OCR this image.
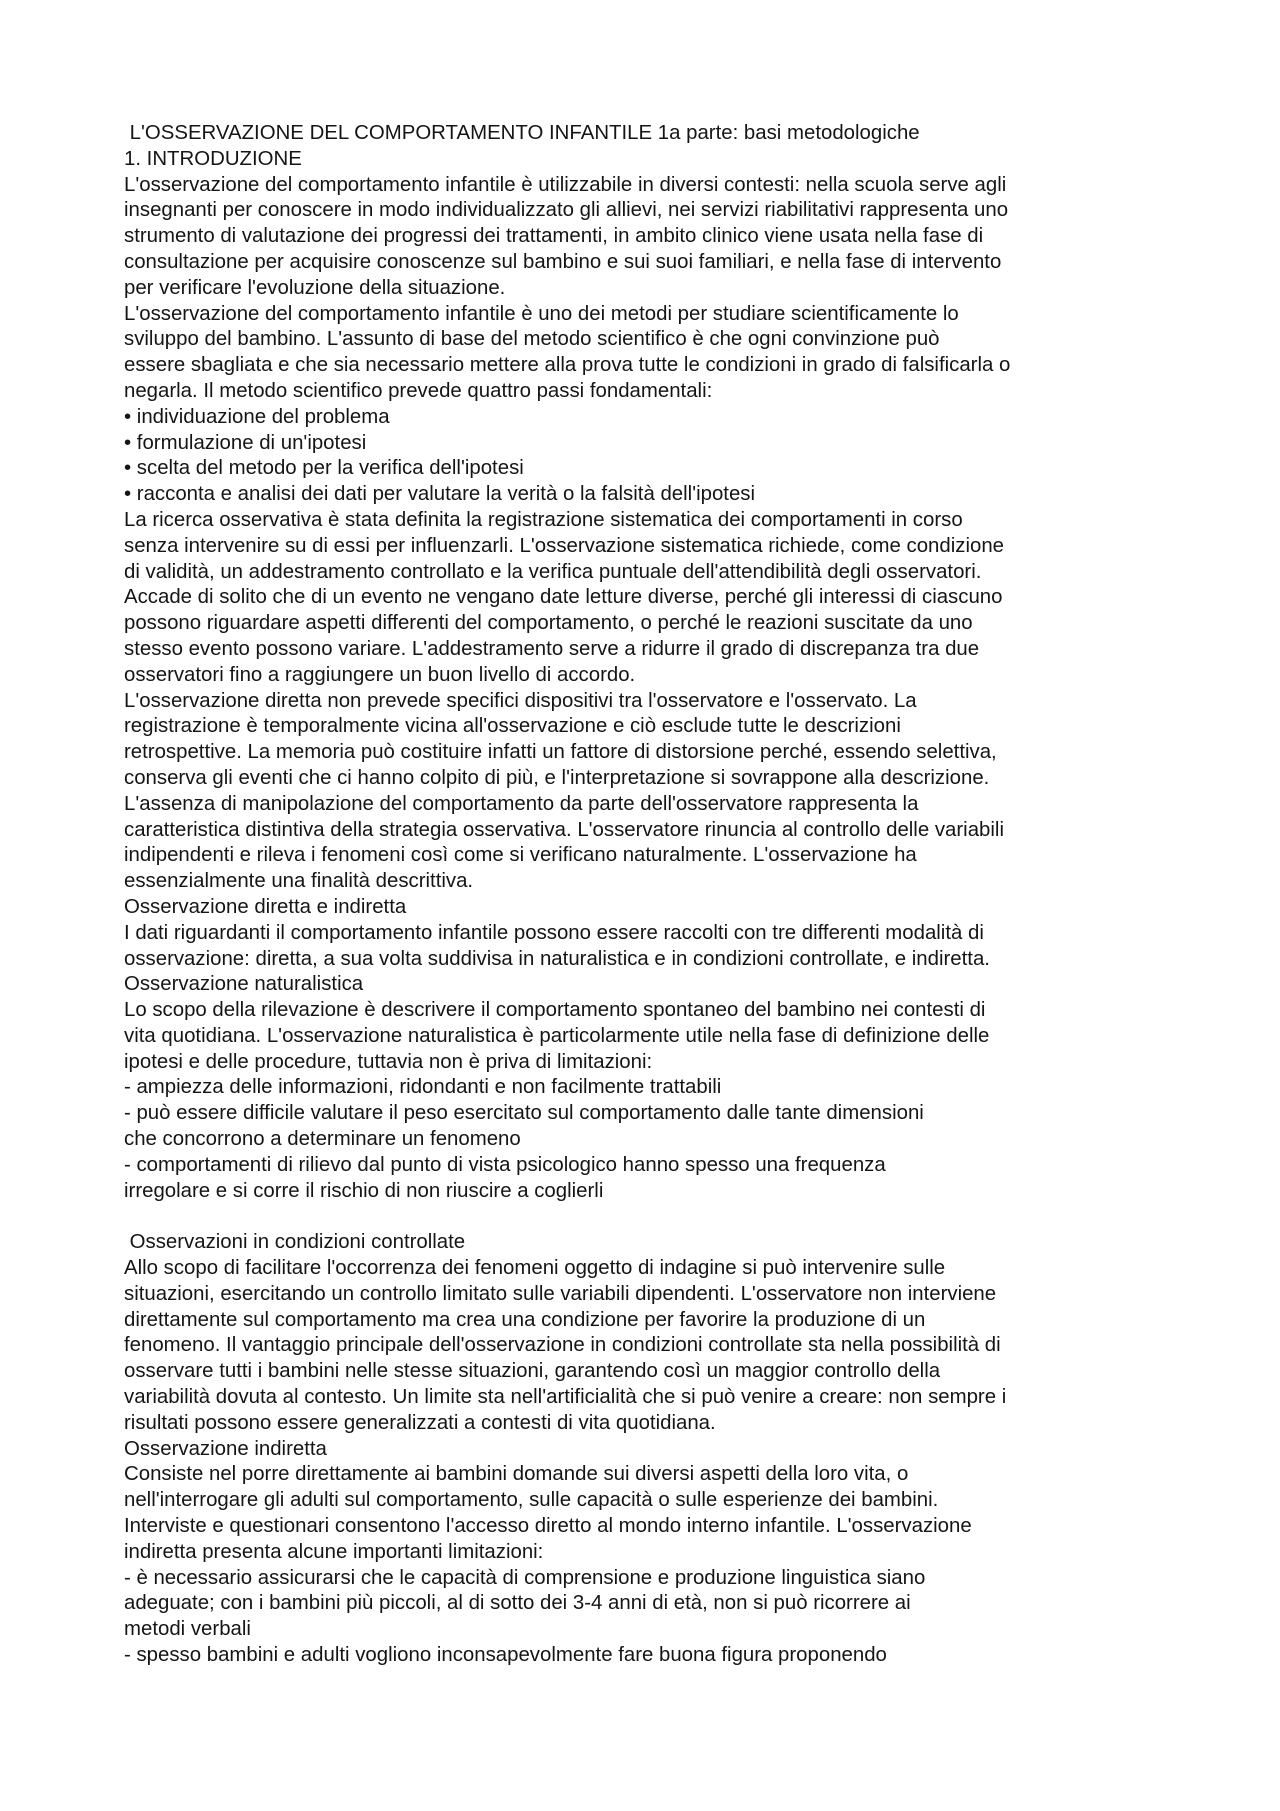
L'OSSERVAZIONE DEL COMPORTAMENTO INFANTILE 1a parte: basi metodologiche
1. INTRODUZIONE
L'osservazione del comportamento infantile è utilizzabile in diversi contesti: nella scuola serve agli
insegnanti per conoscere in modo individualizzato gli allievi, nei servizi riabilitativi rappresenta uno
strumento di valutazione dei progressi dei trattamenti, in ambito clinico viene usata nella fase di
consultazione per acquisire conoscenze sul bambino e sui suoi familiari, e nella fase di intervento
per verificare l'evoluzione della situazione.
L'osservazione del comportamento infantile è uno dei metodi per studiare scientificamente lo
sviluppo del bambino. L'assunto di base del metodo scientifico è che ogni convinzione può
essere sbagliata e che sia necessario mettere alla prova tutte le condizioni in grado di falsificarla o
negarla. Il metodo scientifico prevede quattro passi fondamentali:
• individuazione del problema
• formulazione di un'ipotesi
• scelta del metodo per la verifica dell'ipotesi
• racconta e analisi dei dati per valutare la verità o la falsità dell'ipotesi
La ricerca osservativa è stata definita la registrazione sistematica dei comportamenti in corso
senza intervenire su di essi per influenzarli. L'osservazione sistematica richiede, come condizione
di validità, un addestramento controllato e la verifica puntuale dell'attendibilità degli osservatori.
Accade di solito che di un evento ne vengano date letture diverse, perché gli interessi di ciascuno
possono riguardare aspetti differenti del comportamento, o perché le reazioni suscitate da uno
stesso evento possono variare. L'addestramento serve a ridurre il grado di discrepanza tra due
osservatori fino a raggiungere un buon livello di accordo.
L'osservazione diretta non prevede specifici dispositivi tra l'osservatore e l'osservato. La
registrazione è temporalmente vicina all'osservazione e ciò esclude tutte le descrizioni
retrospettive. La memoria può costituire infatti un fattore di distorsione perché, essendo selettiva,
conserva gli eventi che ci hanno colpito di più, e l'interpretazione si sovrappone alla descrizione.
L'assenza di manipolazione del comportamento da parte dell'osservatore rappresenta la
caratteristica distintiva della strategia osservativa. L'osservatore rinuncia al controllo delle variabili
indipendenti e rileva i fenomeni così come si verificano naturalmente. L'osservazione ha
essenzialmente una finalità descrittiva.
Osservazione diretta e indiretta
I dati riguardanti il comportamento infantile possono essere raccolti con tre differenti modalità di
osservazione: diretta, a sua volta suddivisa in naturalistica e in condizioni controllate, e indiretta.
Osservazione naturalistica
Lo scopo della rilevazione è descrivere il comportamento spontaneo del bambino nei contesti di
vita quotidiana. L'osservazione naturalistica è particolarmente utile nella fase di definizione delle
ipotesi e delle procedure, tuttavia non è priva di limitazioni:
- ampiezza delle informazioni, ridondanti e non facilmente trattabili
- può essere difficile valutare il peso esercitato sul comportamento dalle tante dimensioni
che concorrono a determinare un fenomeno
- comportamenti di rilievo dal punto di vista psicologico hanno spesso una frequenza
irregolare e si corre il rischio di non riuscire a coglierli
Osservazioni in condizioni controllate
Allo scopo di facilitare l'occorrenza dei fenomeni oggetto di indagine si può intervenire sulle
situazioni, esercitando un controllo limitato sulle variabili dipendenti. L'osservatore non interviene
direttamente sul comportamento ma crea una condizione per favorire la produzione di un
fenomeno. Il vantaggio principale dell'osservazione in condizioni controllate sta nella possibilità di
osservare tutti i bambini nelle stesse situazioni, garantendo così un maggior controllo della
variabilità dovuta al contesto. Un limite sta nell'artificialità che si può venire a creare: non sempre i
risultati possono essere generalizzati a contesti di vita quotidiana.
Osservazione indiretta
Consiste nel porre direttamente ai bambini domande sui diversi aspetti della loro vita, o
nell'interrogare gli adulti sul comportamento, sulle capacità o sulle esperienze dei bambini.
Interviste e questionari consentono l'accesso diretto al mondo interno infantile. L'osservazione
indiretta presenta alcune importanti limitazioni:
- è necessario assicurarsi che le capacità di comprensione e produzione linguistica siano
adeguate; con i bambini più piccoli, al di sotto dei 3-4 anni di età, non si può ricorrere ai
metodi verbali
- spesso bambini e adulti vogliono inconsapevolmente fare buona figura proponendo
